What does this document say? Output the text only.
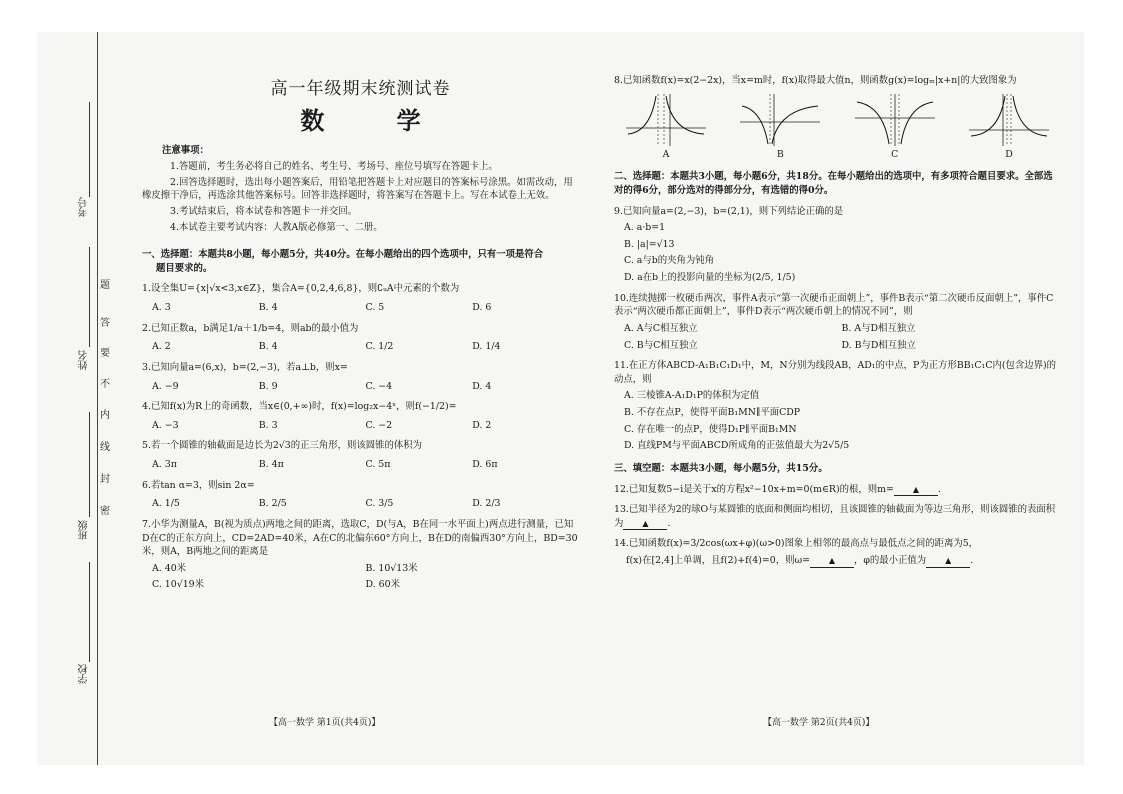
考号
姓名
班级
学校
题
答
要
不
内
线
封
密
高一年级期末统测试卷
数 学
注意事项：
1.答题前，考生务必将自己的姓名、考生号、考场号、座位号填写在答题卡上。
2.回答选择题时，选出每小题答案后，用铅笔把答题卡上对应题目的答案标号涂黑。如需改动，用橡皮擦干净后，再选涂其他答案标号。回答非选择题时，将答案写在答题卡上。写在本试卷上无效。
3.考试结束后，将本试卷和答题卡一并交回。
4.本试卷主要考试内容：人教A版必修第一、二册。
一、选择题：本题共8小题，每小题5分，共40分。在每小题给出的四个选项中，只有一项是符合
题目要求的。
1.设全集U={x|√x<3,x∈Z}，集合A={0,2,4,6,8}，则∁ᵤA中元素的个数为
A. 3	B. 4	C. 5	D. 6
2.已知正数a，b满足1/a＋1/b=4，则ab的最小值为
A. 2	B. 4	C. 1/2	D. 1/4
3.已知向量a=(6,x)，b=(2,−3)，若a⊥b，则x=
A. −9	B. 9	C. −4	D. 4
4.已知f(x)为R上的奇函数，当x∈(0,+∞)时，f(x)=log₂x−4ˣ，则f(−1/2)=
A. −3	B. 3	C. −2	D. 2
5.若一个圆锥的轴截面是边长为2√3的正三角形，则该圆锥的体积为
A. 3π	B. 4π	C. 5π	D. 6π
6.若tan α=3，则sin 2α=
A. 1/5	B. 2/5	C. 3/5	D. 2/3
7.小华为测量A，B(视为质点)两地之间的距离，选取C，D(与A，B在同一水平面上)两点进行测量，已知D在C的正东方向上，CD=2AD=40米，A在C的北偏东60°方向上，B在D的南偏西30°方向上，BD=30米，则A，B两地之间的距离是
A. 40米	B. 10√13米
C. 10√19米	D. 60米
【高一数学 第1页(共4页)】
8.已知函数f(x)=x(2−2x)，当x=m时，f(x)取得最大值n，则函数g(x)=logₘ|x+n|的大致图象为
A	B	C	D
二、选择题：本题共3小题，每小题6分，共18分。在每小题给出的选项中，有多项符合题目要求。全部选对的得6分，部分选对的得部分分，有选错的得0分。
9.已知向量a=(2,−3)，b=(2,1)，则下列结论正确的是
A. a·b=1
B. |a|=√13
C. a与b的夹角为钝角
D. a在b上的投影向量的坐标为(2/5, 1/5)
10.连续抛掷一枚硬币两次，事件A表示“第一次硬币正面朝上”，事件B表示“第二次硬币反面朝上”，事件C表示“两次硬币都正面朝上”，事件D表示“两次硬币朝上的情况不同”，则
A. A与C相互独立	B. A与D相互独立
C. B与C相互独立	D. B与D相互独立
11.在正方体ABCD-A₁B₁C₁D₁中，M，N分别为线段AB，AD₁的中点，P为正方形BB₁C₁C内(包含边界)的动点，则
A. 三棱锥A-A₁D₁P的体积为定值
B. 不存在点P，使得平面B₁MN∥平面CDP
C. 存在唯一的点P，使得D₁P∥平面B₁MN
D. 直线PM与平面ABCD所成角的正弦值最大为2√5/5
三、填空题：本题共3小题，每小题5分，共15分。
12.已知复数5−i是关于x的方程x²−10x+m=0(m∈R)的根，则m= ▲ .
13.已知半径为2的球O与某圆锥的底面和侧面均相切，且该圆锥的轴截面为等边三角形，则该圆锥的表面积为 ▲ .
14.已知函数f(x)=3/2cos(ωx+φ)(ω>0)图象上相邻的最高点与最低点之间的距离为5，
f(x)在[2,4]上单调，且f(2)+f(4)=0，则ω= ▲ ，φ的最小正值为 ▲ .
【高一数学 第2页(共4页)】
